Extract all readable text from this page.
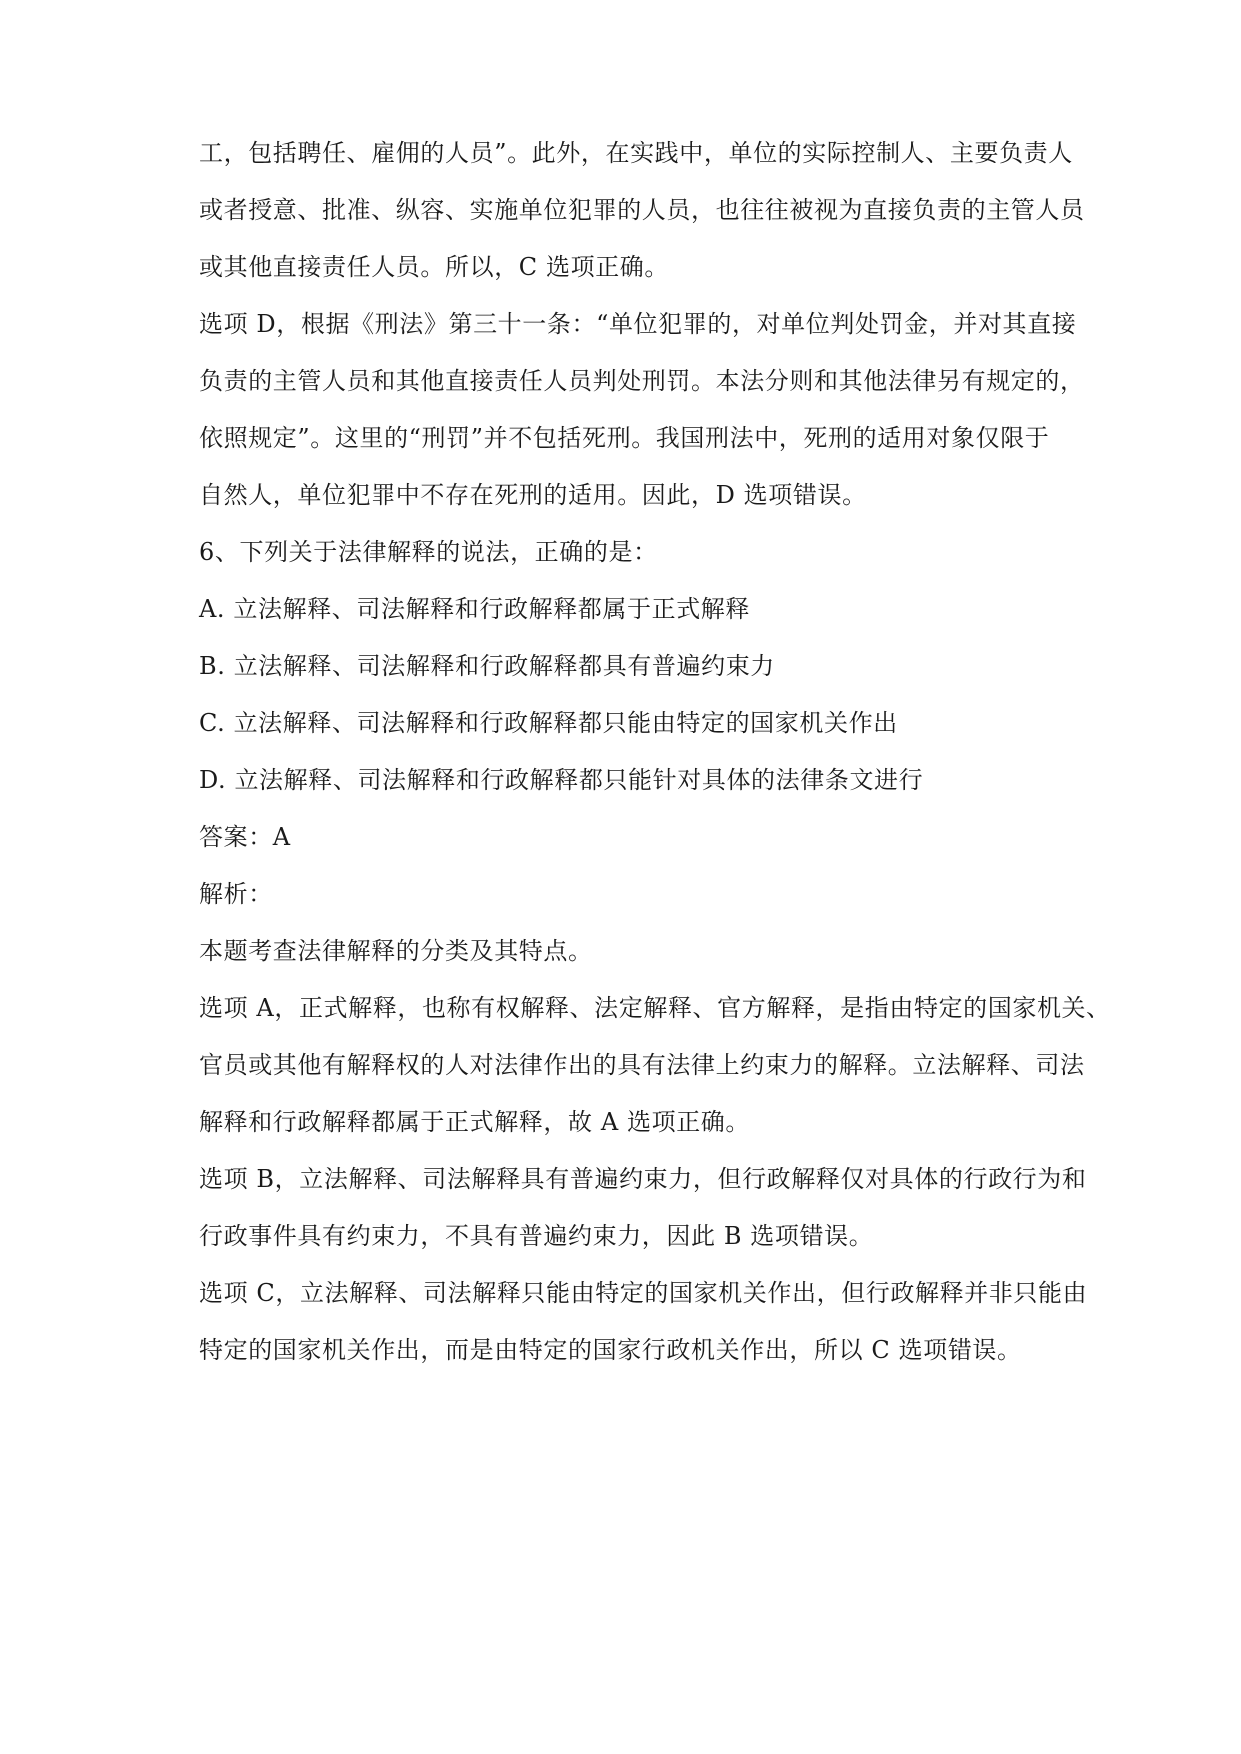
工，包括聘任、雇佣的人员”。此外，在实践中，单位的实际控制人、主要负责人

或者授意、批准、纵容、实施单位犯罪的人员，也往往被视为直接负责的主管人员

或其他直接责任人员。所以，C 选项正确。

选项 D，根据《刑法》第三十一条：“单位犯罪的，对单位判处罚金，并对其直接

负责的主管人员和其他直接责任人员判处刑罚。本法分则和其他法律另有规定的，

依照规定”。这里的“刑罚”并不包括死刑。我国刑法中，死刑的适用对象仅限于

自然人，单位犯罪中不存在死刑的适用。因此，D 选项错误。

6、下列关于法律解释的说法，正确的是：

A. 立法解释、司法解释和行政解释都属于正式解释

B. 立法解释、司法解释和行政解释都具有普遍约束力

C. 立法解释、司法解释和行政解释都只能由特定的国家机关作出

D. 立法解释、司法解释和行政解释都只能针对具体的法律条文进行

答案：A

解析：

本题考查法律解释的分类及其特点。

选项 A，正式解释，也称有权解释、法定解释、官方解释，是指由特定的国家机关、

官员或其他有解释权的人对法律作出的具有法律上约束力的解释。立法解释、司法

解释和行政解释都属于正式解释，故 A 选项正确。

选项 B，立法解释、司法解释具有普遍约束力，但行政解释仅对具体的行政行为和

行政事件具有约束力，不具有普遍约束力，因此 B 选项错误。

选项 C，立法解释、司法解释只能由特定的国家机关作出，但行政解释并非只能由

特定的国家机关作出，而是由特定的国家行政机关作出，所以 C 选项错误。
